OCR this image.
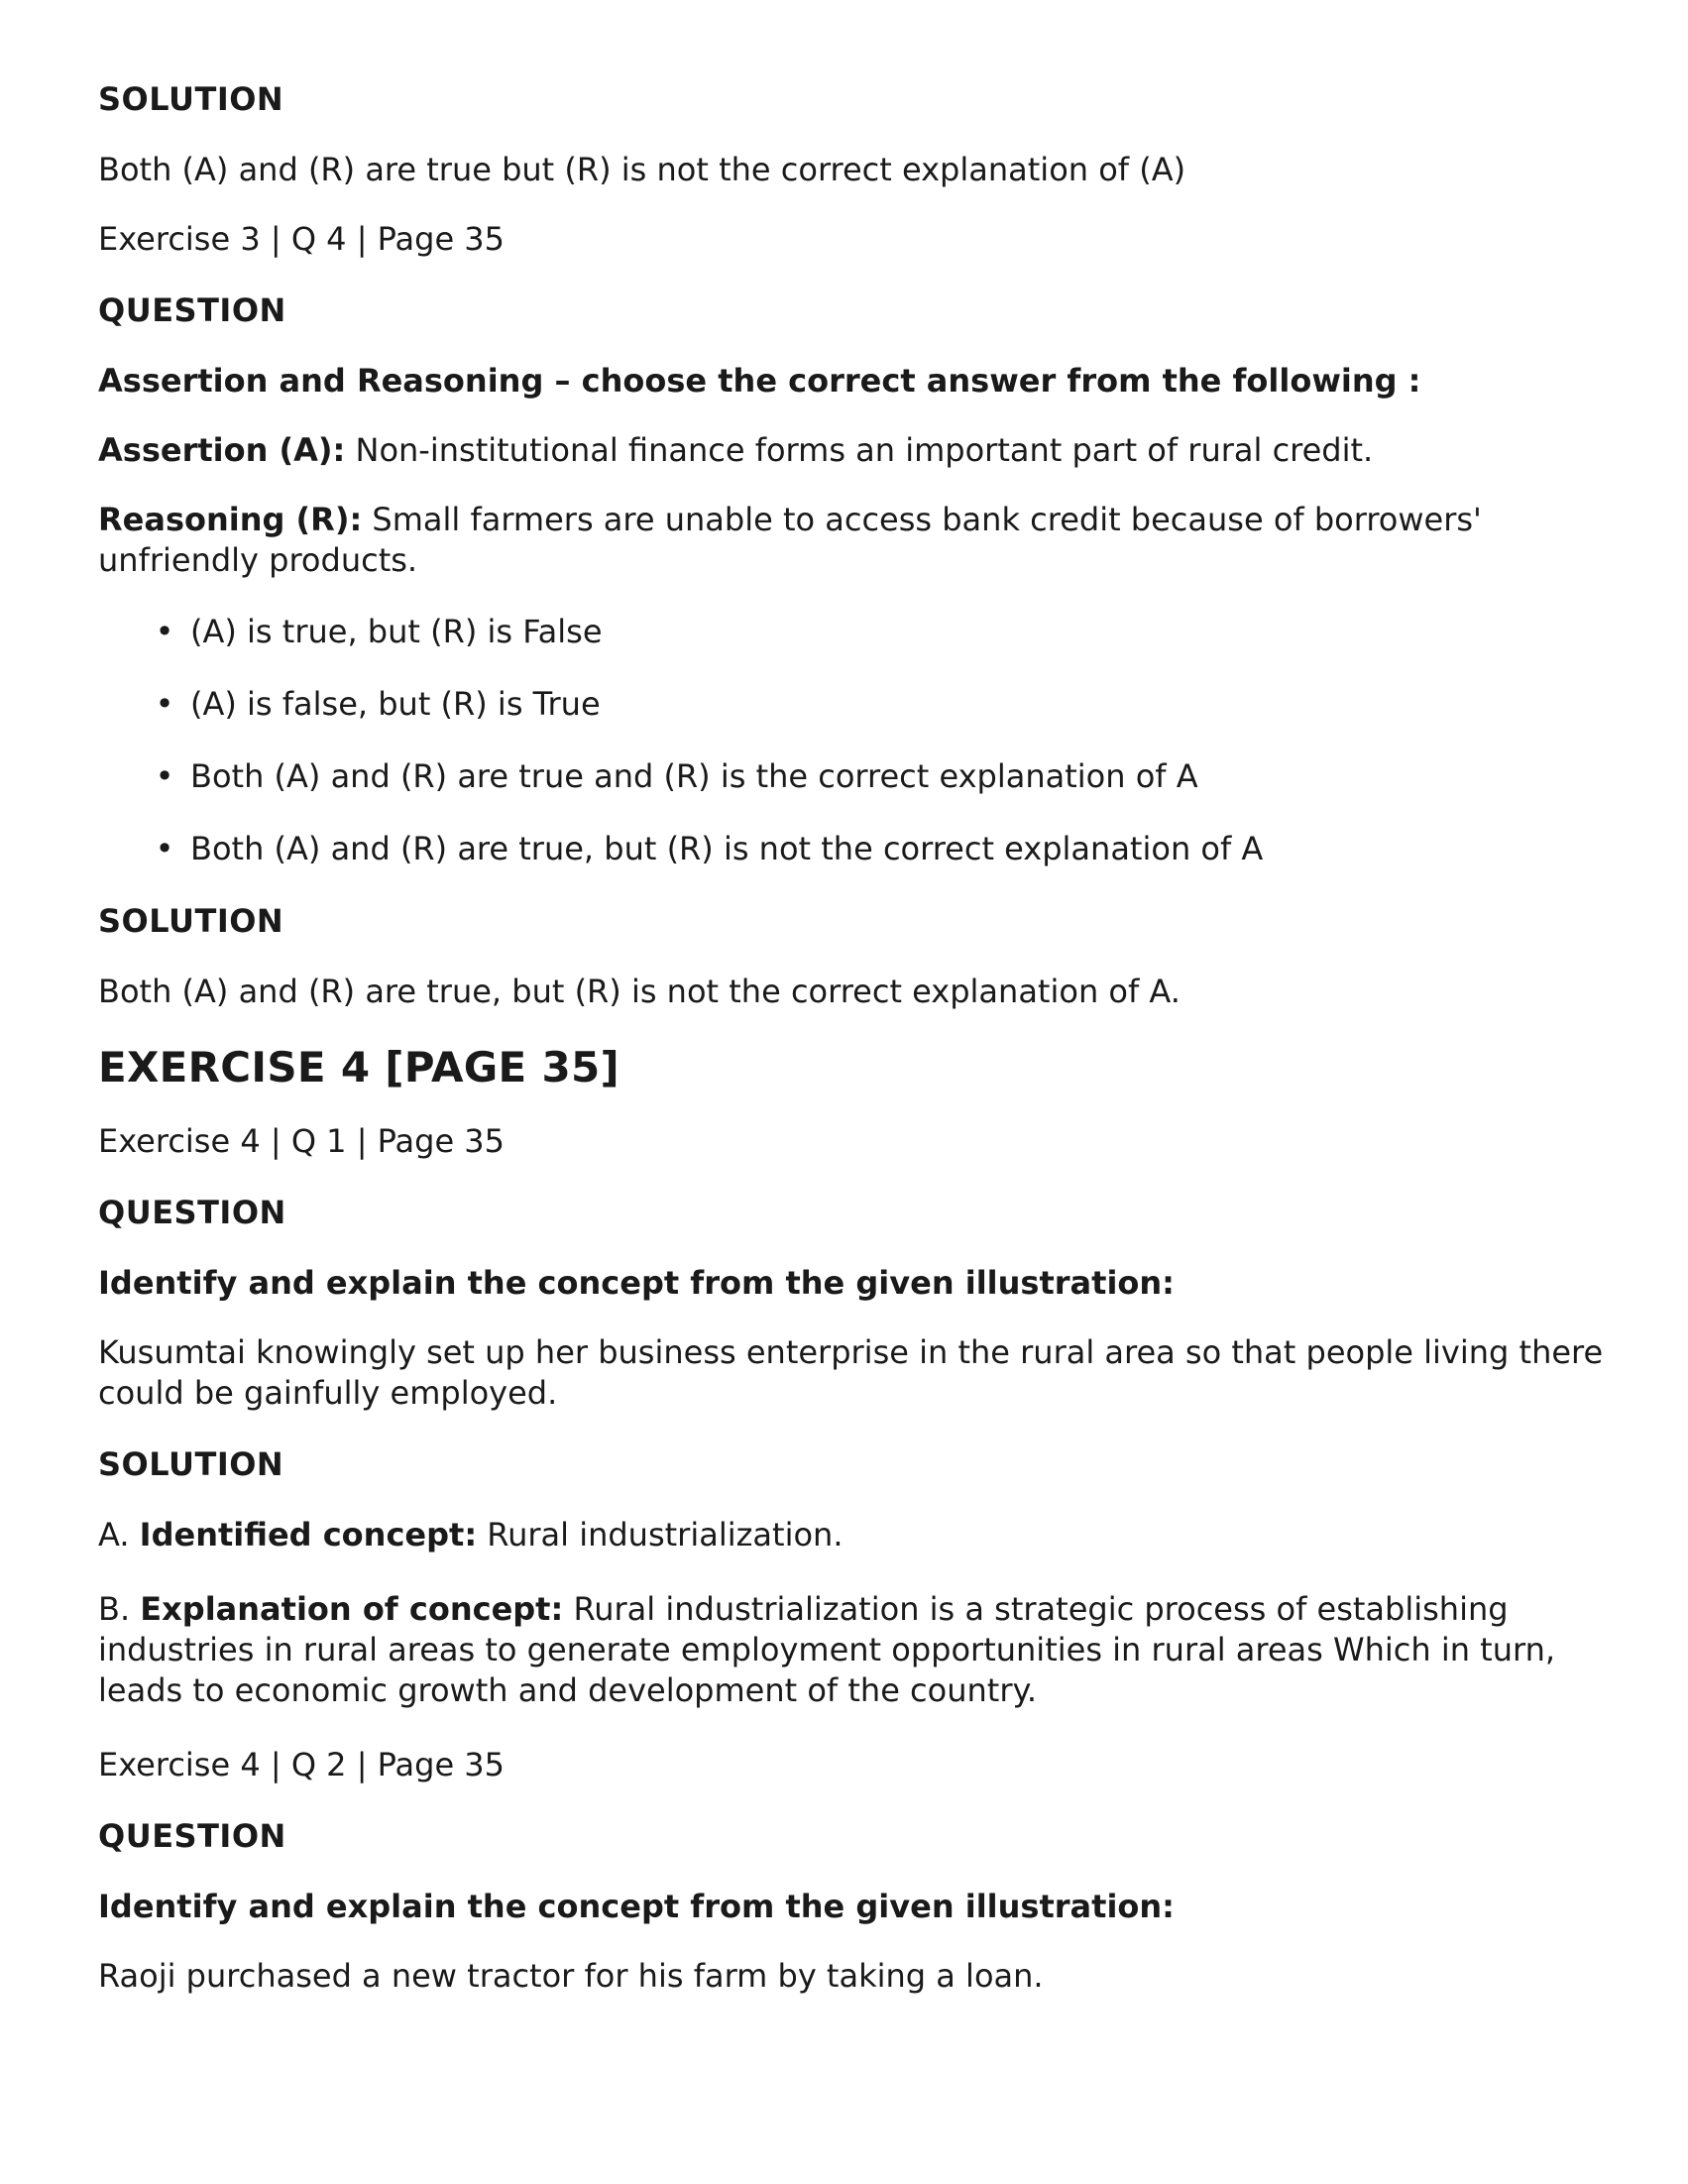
SOLUTION
Both (A) and (R) are true but (R) is not the correct explanation of (A)
Exercise 3 | Q 4 | Page 35
QUESTION
Assertion and Reasoning – choose the correct answer from the following :
Assertion (A): Non-institutional finance forms an important part of rural credit.
Reasoning (R): Small farmers are unable to access bank credit because of borrowers' unfriendly products.
• (A) is true, but (R) is False
• (A) is false, but (R) is True
• Both (A) and (R) are true and (R) is the correct explanation of A
• Both (A) and (R) are true, but (R) is not the correct explanation of A
SOLUTION
Both (A) and (R) are true, but (R) is not the correct explanation of A.
EXERCISE 4 [PAGE 35]
Exercise 4 | Q 1 | Page 35
QUESTION
Identify and explain the concept from the given illustration:
Kusumtai knowingly set up her business enterprise in the rural area so that people living there could be gainfully employed.
SOLUTION
A. Identified concept: Rural industrialization.
B. Explanation of concept: Rural industrialization is a strategic process of establishing industries in rural areas to generate employment opportunities in rural areas Which in turn, leads to economic growth and development of the country.
Exercise 4 | Q 2 | Page 35
QUESTION
Identify and explain the concept from the given illustration:
Raoji purchased a new tractor for his farm by taking a loan.
